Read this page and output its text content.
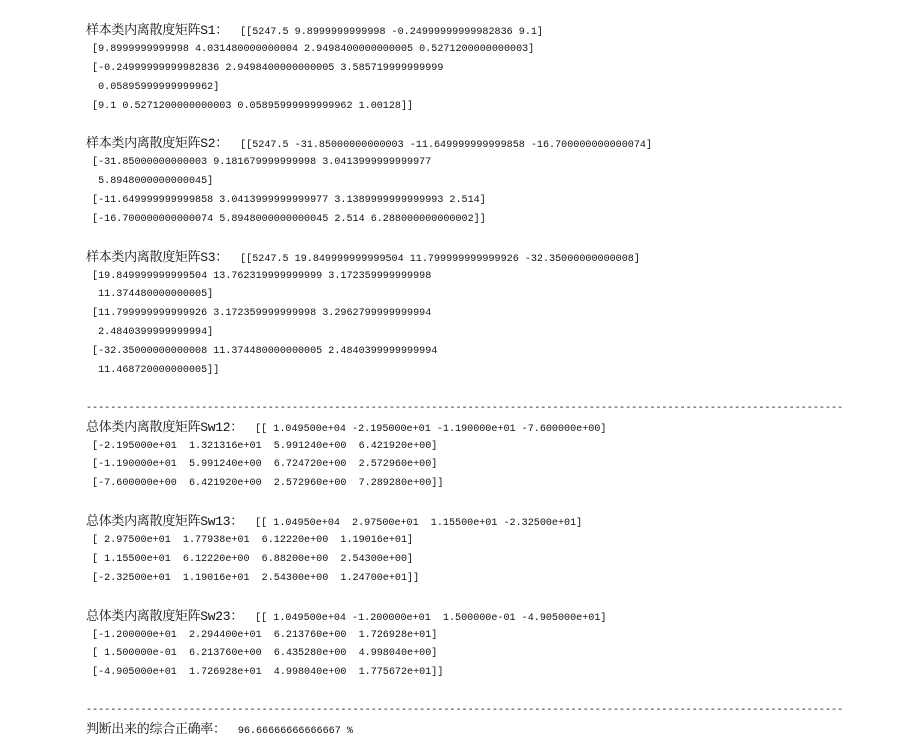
样本类内离散度矩阵S1：  [[5247.5 9.8999999999998 -0.24999999999982836 9.1]
[9.8999999999998 4.031480000000004 2.9498400000000005 0.5271200000000003]
[-0.24999999999982836 2.9498400000000005 3.585719999999999
0.05895999999999962]
[9.1 0.5271200000000003 0.05895999999999962 1.00128]]
样本类内离散度矩阵S2：  [[5247.5 -31.85000000000003 -11.649999999999858 -16.700000000000074]
[-31.85000000000003 9.181679999999998 3.0413999999999977
5.8948000000000045]
[-11.649999999999858 3.0413999999999977 3.1389999999999993 2.514]
[-16.700000000000074 5.8948000000000045 2.514 6.288000000000002]]
样本类内离散度矩阵S3：  [[5247.5 19.849999999999504 11.799999999999926 -32.35000000000008]
[19.849999999999504 13.762319999999999 3.172359999999998
11.374480000000005]
[11.799999999999926 3.172359999999998 3.2962799999999994
2.4840399999999994]
[-32.35000000000008 11.374480000000005 2.4840399999999994
11.468720000000005]]
-----------------------------------------------------------------------------------------------------------------------------
总体类内离散度矩阵Sw12：  [[ 1.049500e+04 -2.195000e+01 -1.190000e+01 -7.600000e+00]
[-2.195000e+01  1.321316e+01  5.991240e+00  6.421920e+00]
[-1.190000e+01  5.991240e+00  6.724720e+00  2.572960e+00]
[-7.600000e+00  6.421920e+00  2.572960e+00  7.289280e+00]]
总体类内离散度矩阵Sw13：  [[ 1.04950e+04  2.97500e+01  1.15500e+01 -2.32500e+01]
[ 2.97500e+01  1.77938e+01  6.12220e+00  1.19016e+01]
[ 1.15500e+01  6.12220e+00  6.88200e+00  2.54300e+00]
[-2.32500e+01  1.19016e+01  2.54300e+00  1.24700e+01]]
总体类内离散度矩阵Sw23：  [[ 1.049500e+04 -1.200000e+01  1.500000e-01 -4.905000e+01]
[-1.200000e+01  2.294400e+01  6.213760e+00  1.726928e+01]
[ 1.500000e-01  6.213760e+00  6.435280e+00  4.998040e+00]
[-4.905000e+01  1.726928e+01  4.998040e+00  1.775672e+01]]
-----------------------------------------------------------------------------------------------------------------------------
判断出来的综合正确率：  96.66666666666667 %
